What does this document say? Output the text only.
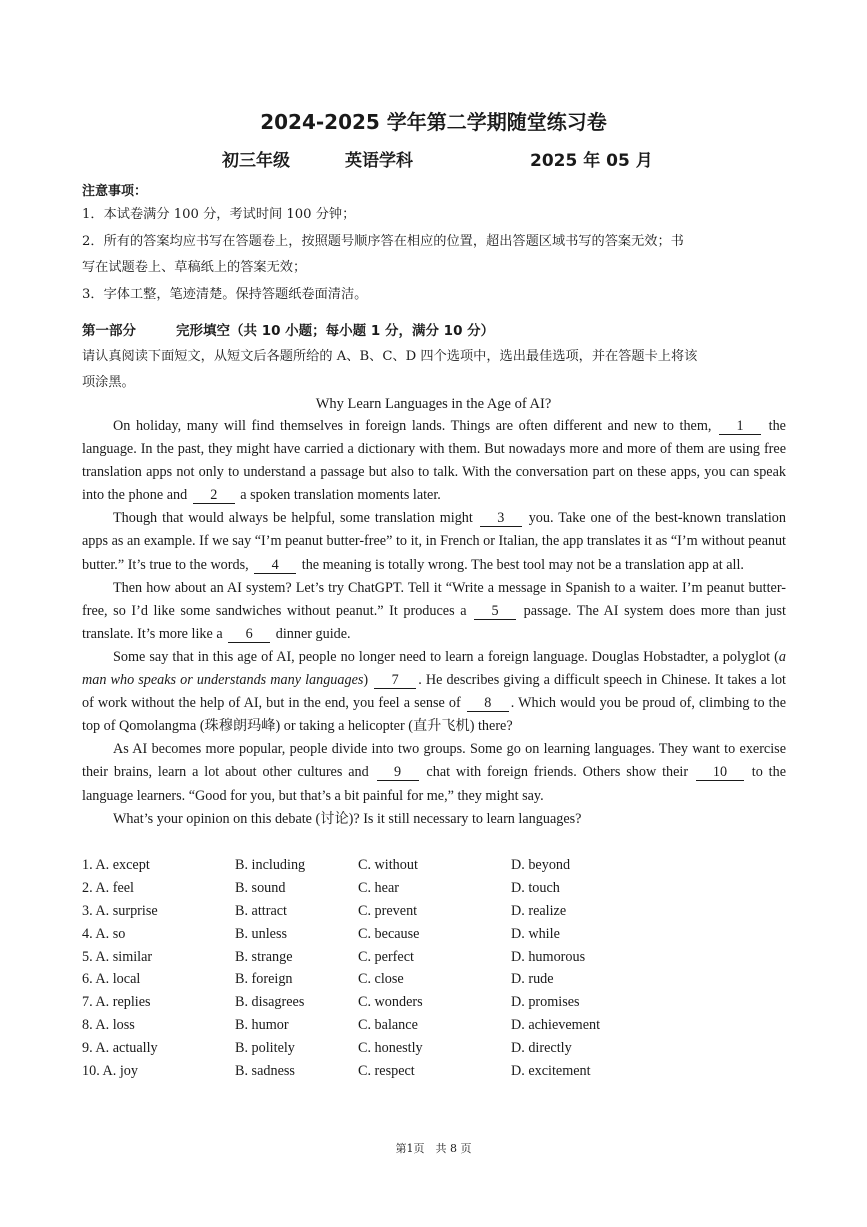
2024-2025 学年第二学期随堂练习卷
初三年级	英语学科	2025 年 05 月
注意事项：
1．本试卷满分 100 分，考试时间 100 分钟；
2．所有的答案均应书写在答题卷上，按照题号顺序答在相应的位置，超出答题区域书写的答案无效；书
写在试题卷上、草稿纸上的答案无效；
3．字体工整，笔迹清楚。保持答题纸卷面清洁。
第一部分	完形填空（共 10 小题；每小题 1 分，满分 10 分）
请认真阅读下面短文，从短文后各题所给的 A、B、C、D 四个选项中，选出最佳选项，并在答题卡上将该
项涂黑。
Why Learn Languages in the Age of AI?

On holiday, many will find themselves in foreign lands. Things are often different and new to them, 1 the language. In the past, they might have carried a dictionary with them. But nowadays more and more of them are using free translation apps not only to understand a passage but also to talk. With the conversation part on these apps, you can speak into the phone and 2 a spoken translation moments later.

Though that would always be helpful, some translation might 3 you. Take one of the best-known translation apps as an example. If we say “I’m peanut butter-free” to it, in French or Italian, the app translates it as “I’m without peanut butter.” It’s true to the words, 4 the meaning is totally wrong. The best tool may not be a translation app at all.

Then how about an AI system? Let’s try ChatGPT. Tell it “Write a message in Spanish to a waiter. I’m peanut butter-free, so I’d like some sandwiches without peanut.” It produces a 5 passage. The AI system does more than just translate. It’s more like a 6 dinner guide.

Some say that in this age of AI, people no longer need to learn a foreign language. Douglas Hobstadter, a polyglot (a man who speaks or understands many languages) 7 . He describes giving a difficult speech in Chinese. It takes a lot of work without the help of AI, but in the end, you feel a sense of 8 . Which would you be proud of, climbing to the top of Qomolangma (珠穆朗玛峰) or taking a helicopter (直升飞机) there?

As AI becomes more popular, people divide into two groups. Some go on learning languages. They want to exercise their brains, learn a lot about other cultures and 9 chat with foreign friends. Others show their 10 to the language learners. “Good for you, but that’s a bit painful for me,” they might say.

What’s your opinion on this debate (讨论)? Is it still necessary to learn languages?

1. A. except	B. including	C. without	D. beyond
2. A. feel	B. sound	C. hear	D. touch
3. A. surprise	B. attract	C. prevent	D. realize
4. A. so	B. unless	C. because	D. while
5. A. similar	B. strange	C. perfect	D. humorous
6. A. local	B. foreign	C. close	D. rude
7. A. replies	B. disagrees	C. wonders	D. promises
8. A. loss	B. humor	C. balance	D. achievement
9. A. actually	B. politely	C. honestly	D. directly
10. A. joy	B. sadness	C. respect	D. excitement
第1页　共 8 页
